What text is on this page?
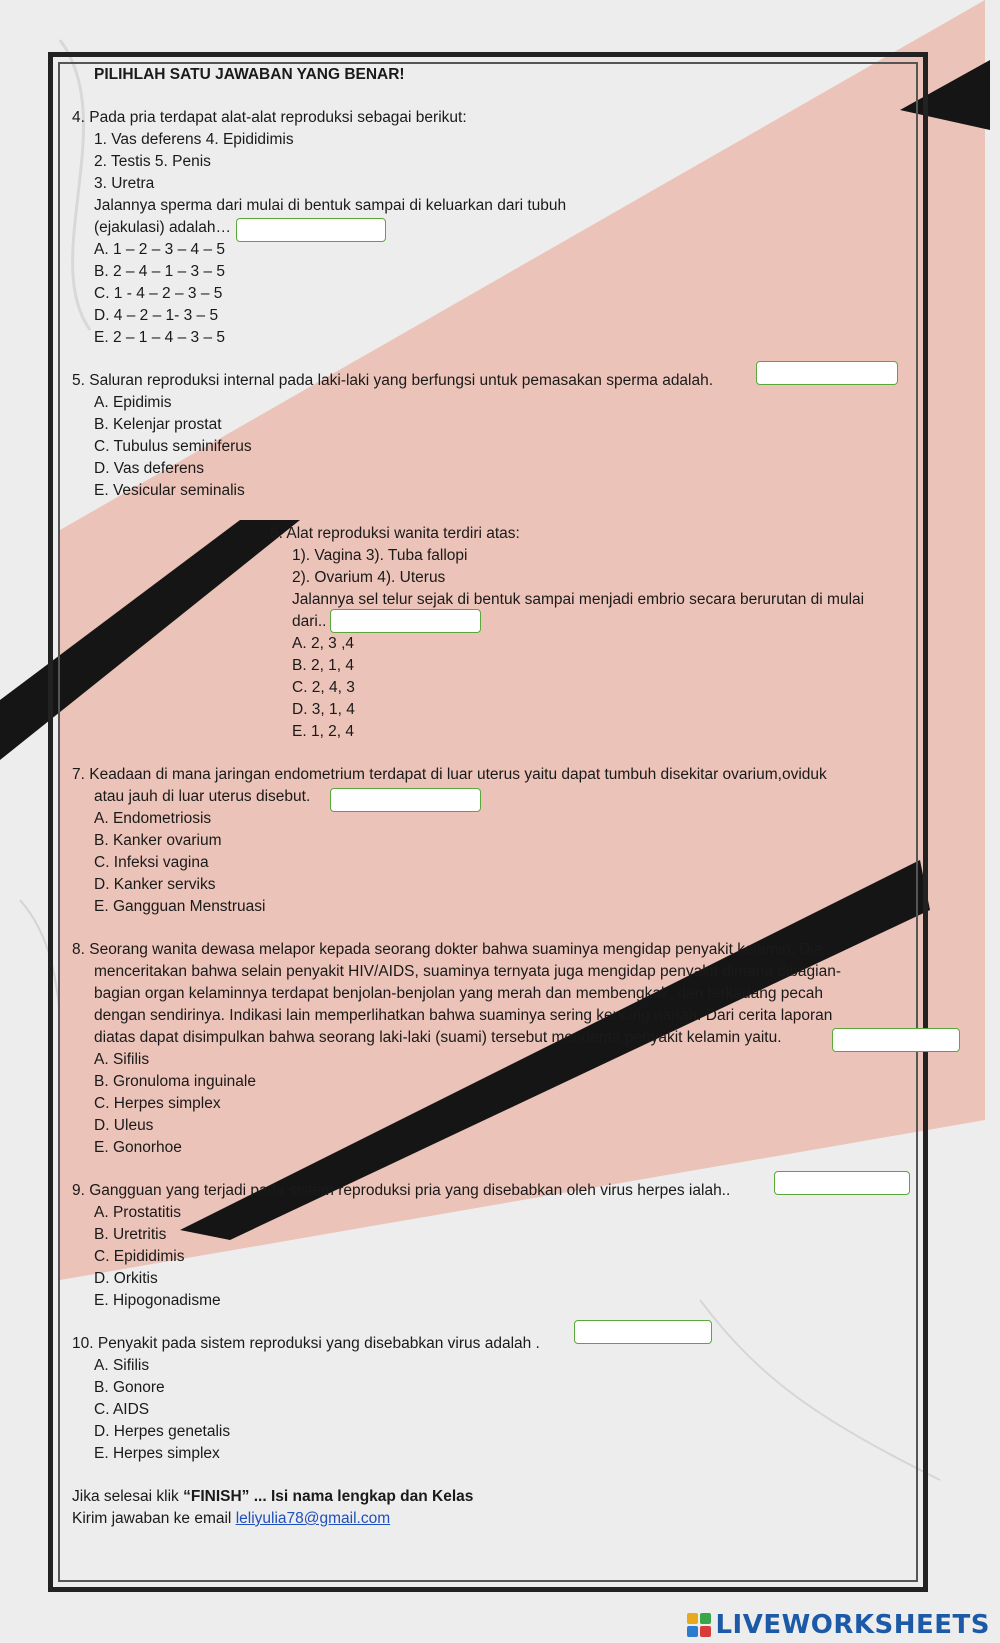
PILIHLAH SATU JAWABAN YANG BENAR!
4. Pada pria terdapat alat-alat reproduksi sebagai berikut:
1. Vas deferens 4. Epididimis
2. Testis 5. Penis
3. Uretra
Jalannya sperma dari mulai di bentuk sampai di keluarkan dari tubuh
(ejakulasi) adalah…
A. 1 – 2 – 3 – 4 – 5
B. 2 – 4 – 1 – 3 – 5
C. 1 - 4 – 2 – 3 – 5
D. 4 – 2 – 1- 3 – 5
E. 2 – 1 – 4 – 3 – 5
5. Saluran reproduksi internal pada laki-laki yang berfungsi untuk pemasakan sperma adalah.
A. Epidimis
B. Kelenjar prostat
C. Tubulus seminiferus
D. Vas deferens
E. Vesicular seminalis
6. Alat reproduksi wanita terdiri atas:
1). Vagina 3). Tuba fallopi
2). Ovarium 4). Uterus
Jalannya sel telur sejak di bentuk sampai menjadi embrio secara berurutan di mulai
dari..
A. 2, 3 ,4
B. 2, 1, 4
C. 2, 4, 3
D. 3, 1, 4
E. 1, 2, 4
7. Keadaan di mana jaringan endometrium terdapat di luar uterus yaitu dapat tumbuh disekitar ovarium,oviduk
atau jauh di luar uterus disebut.
A. Endometriosis
B. Kanker ovarium
C. Infeksi vagina
D. Kanker serviks
E. Gangguan Menstruasi
8. Seorang wanita dewasa melapor kepada seorang dokter bahwa suaminya mengidap penyakit kelamin. Dia
menceritakan bahwa selain penyakit HIV/AIDS, suaminya ternyata juga mengidap penyakit dimana dibagian-
bagian organ kelaminnya terdapat benjolan-benjolan yang merah dan membengkak, dan terkadang pecah
dengan sendirinya. Indikasi lain memperlihatkan bahwa suaminya sering kencing nanah. Dari cerita laporan
diatas dapat disimpulkan bahwa seorang laki-laki (suami) tersebut menderita penyakit kelamin yaitu.
A. Sifilis
B. Gronuloma inguinale
C. Herpes simplex
D. Uleus
E. Gonorhoe
9. Gangguan yang terjadi pada sistem reproduksi pria yang disebabkan oleh virus herpes ialah..
A. Prostatitis
B. Uretritis
C. Epididimis
D. Orkitis
E. Hipogonadisme
10. Penyakit pada sistem reproduksi yang disebabkan virus adalah .
A. Sifilis
B. Gonore
C. AIDS
D. Herpes genetalis
E. Herpes simplex
Jika selesai klik “FINISH” ... Isi nama lengkap dan Kelas
Kirim jawaban ke email leliyulia78@gmail.com
LIVEWORKSHEETS
